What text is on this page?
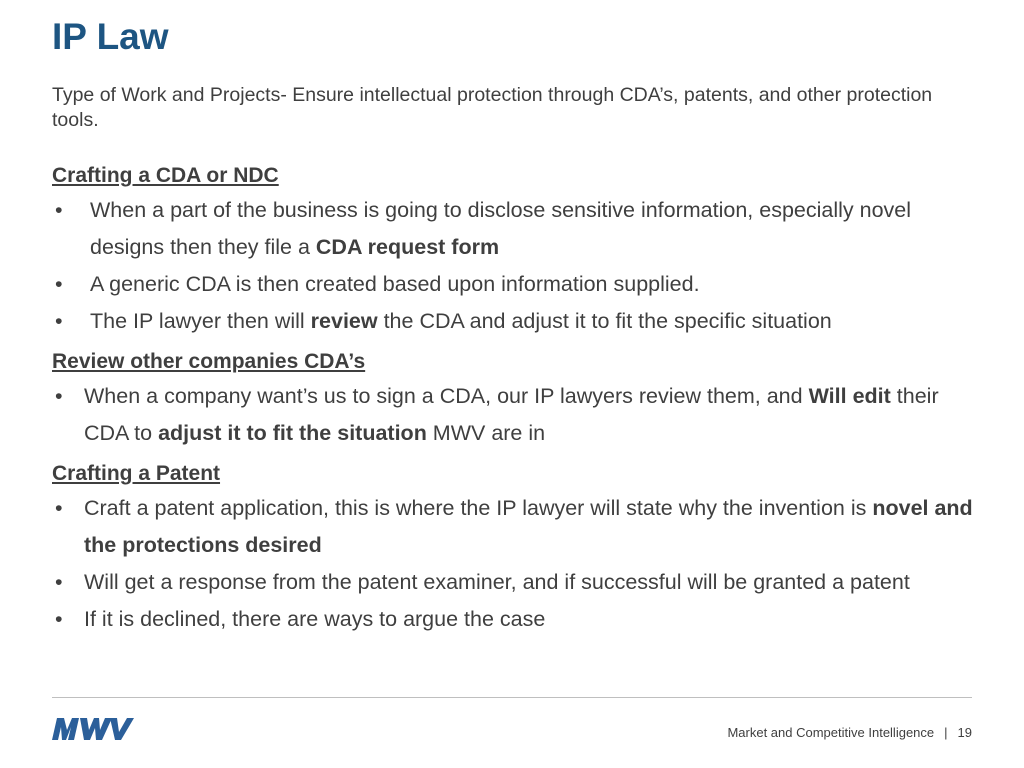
IP Law

Type of Work and Projects- Ensure intellectual protection through CDA’s, patents, and other protection tools.

Crafting a CDA or NDC
• When a part of the business is going to disclose sensitive information, especially novel designs then they file a CDA request form
• A generic CDA is then created based upon information supplied.
• The IP lawyer then will review the CDA and adjust it to fit the specific situation
Review other companies CDA’s
• When a company want’s us to sign a CDA, our IP lawyers review them, and Will edit their CDA to adjust it to fit the situation MWV are in
Crafting a Patent
• Craft a patent application, this is where the IP lawyer will state why the invention is novel and the protections desired
• Will get a response from the patent examiner, and if successful will be granted a patent
• If it is declined, there are ways to argue the case
Market and Competitive Intelligence | 19
